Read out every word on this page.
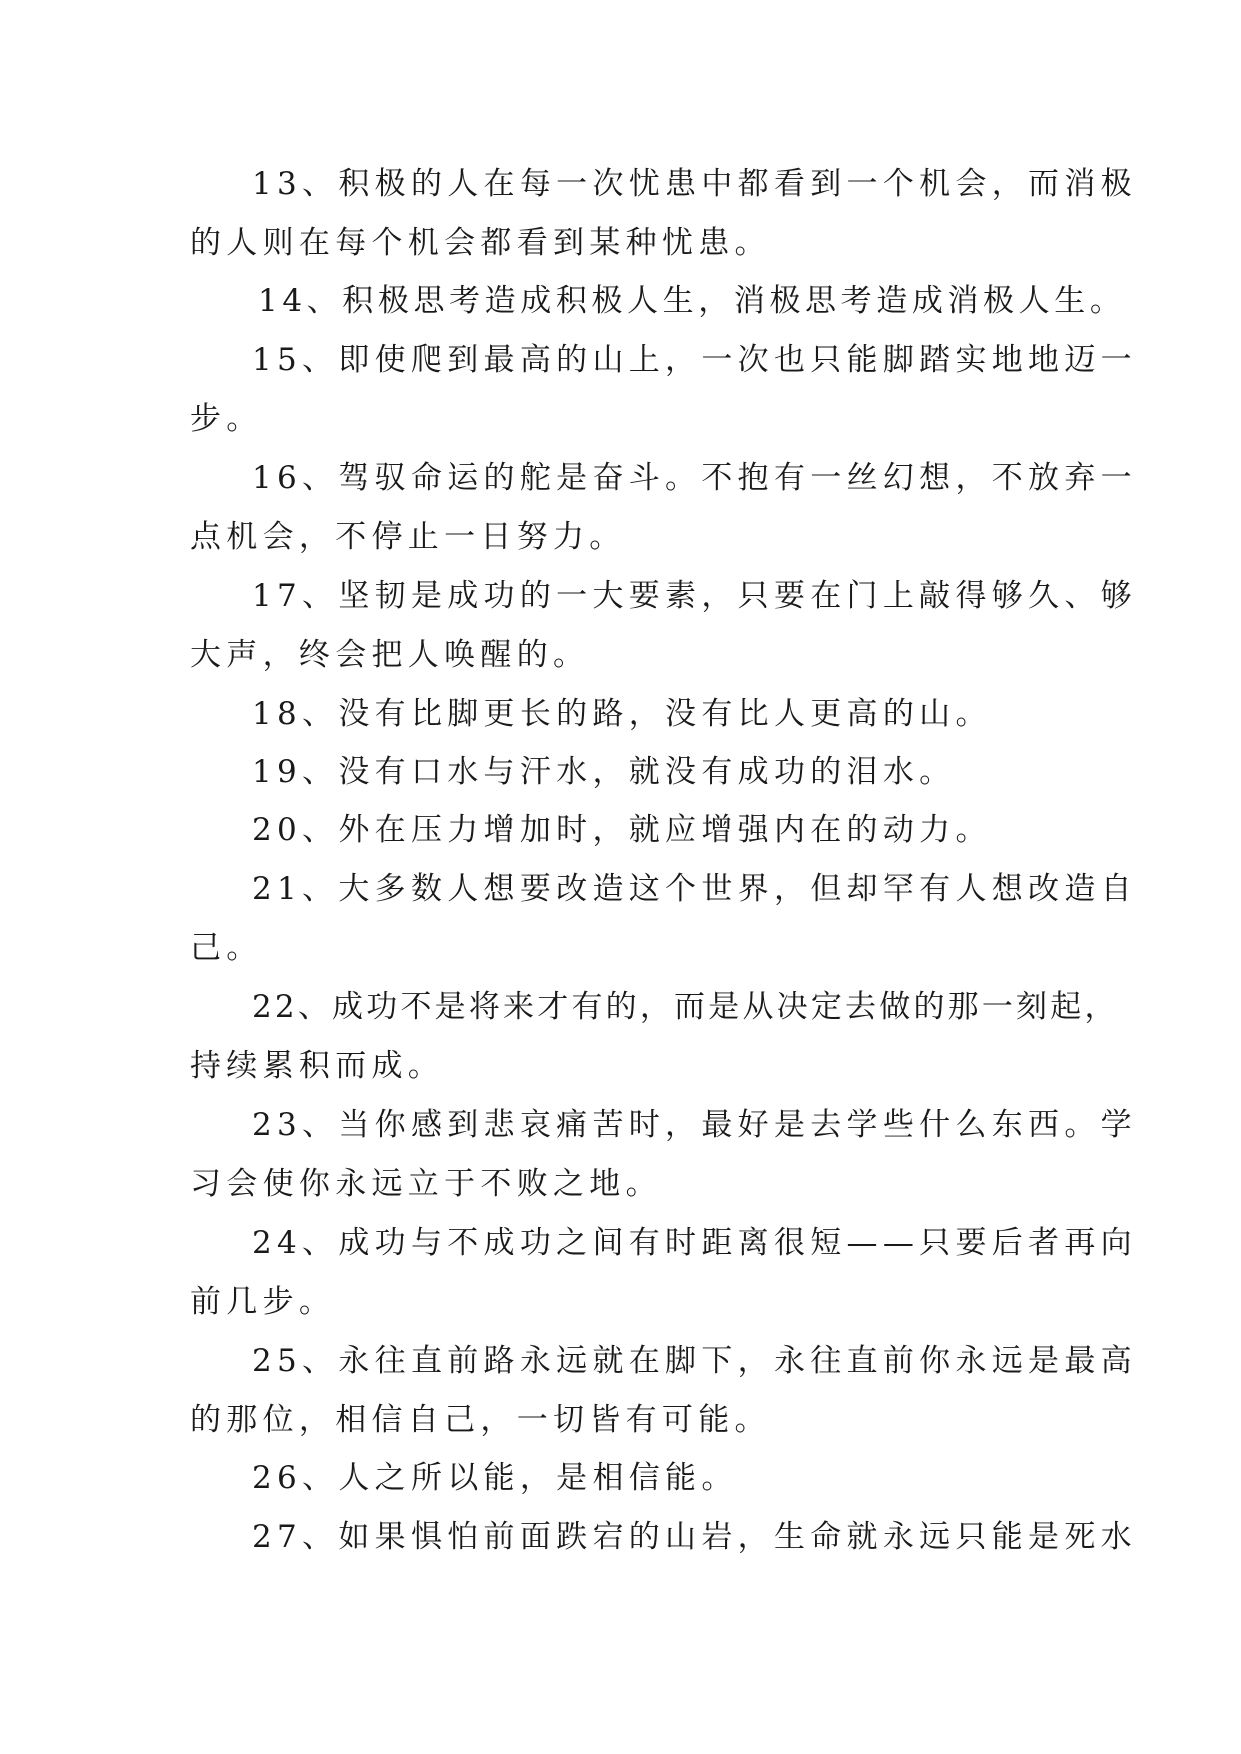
13、积极的人在每一次忧患中都看到一个机会，而消极
的人则在每个机会都看到某种忧患。
14、积极思考造成积极人生，消极思考造成消极人生。
15、即使爬到最高的山上，一次也只能脚踏实地地迈一
步。
16、驾驭命运的舵是奋斗。不抱有一丝幻想，不放弃一
点机会，不停止一日努力。
17、坚韧是成功的一大要素，只要在门上敲得够久、够
大声，终会把人唤醒的。
18、没有比脚更长的路，没有比人更高的山。
19、没有口水与汗水，就没有成功的泪水。
20、外在压力增加时，就应增强内在的动力。
21、大多数人想要改造这个世界，但却罕有人想改造自
己。
22、成功不是将来才有的，而是从决定去做的那一刻起，
持续累积而成。
23、当你感到悲哀痛苦时，最好是去学些什么东西。学
习会使你永远立于不败之地。
24、成功与不成功之间有时距离很短——只要后者再向
前几步。
25、永往直前路永远就在脚下，永往直前你永远是最高
的那位，相信自己，一切皆有可能。
26、人之所以能，是相信能。
27、如果惧怕前面跌宕的山岩，生命就永远只能是死水
